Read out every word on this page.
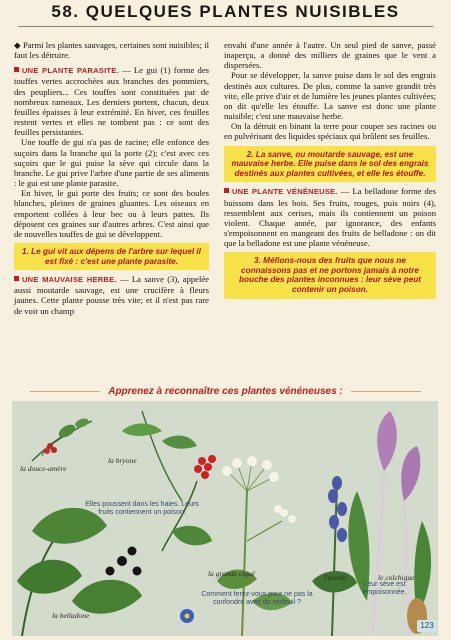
58. QUELQUES PLANTES NUISIBLES

◆ Parmi les plantes sauvages, certaines sont nuisibles; il faut les détruire.

UNE PLANTE PARASITE. — Le gui (1) forme des touffes vertes accrochées aux branches des pommiers, des peupliers... Ces touffes sont constituées par de nombreux rameaux. Les derniers portent, chacun, deux feuilles épaisses à leur extrémité. En hiver, ces feuilles restent vertes et elles ne tombent pas : ce sont des feuilles persistantes.

Une touffe de gui n'a pas de racine; elle enfonce des suçoirs dans la branche qui la porte (2); c'est avec ces suçoirs que le gui puise la sève qui circule dans la branche. Le gui prive l'arbre d'une partie de ses aliments : le gui est une plante parasite.

En hiver, le gui porte des fruits; ce sont des boules blanches, pleines de graines gluantes. Les oiseaux en emportent collées à leur bec ou à leurs pattes. Ils déposent ces graines sur d'autres arbres. C'est ainsi que de nouvelles touffes de gui se développent.

1. Le gui vit aux dépens de l'arbre sur lequel il est fixé : c'est une plante parasite.

UNE MAUVAISE HERBE. — La sanve (3), appelée aussi moutarde sauvage, est une crucifère à fleurs jaunes. Cette plante pousse très vite; et il n'est pas rare de voir un champ

envahi d'une année à l'autre. Un seul pied de sanve, passé inaperçu, a donné des milliers de graines que le vent a dispersées.

Pour se développer, la sanve puise dans le sol des engrais destinés aux cultures. De plus, comme la sanve grandit très vite, elle prive d'air et de lumière les jeunes plantes cultivées; on dit qu'elle les étouffe. La sanve est donc une plante nuisible; c'est une mauvaise herbe.

On la détruit en binant la terre pour couper ses racines ou en pulvérisant des liquides spéciaux qui brûlent ses feuilles.

2. La sanve, ou moutarde sauvage, est une mauvaise herbe. Elle puise dans le sol des engrais destinés aux plantes cultivées, et elle les étouffe.

UNE PLANTE VÉNÉNEUSE. — La belladone forme des buissons dans les bois. Ses fruits, rouges, puis noirs (4), ressemblent aux cerises, mais ils contiennent un poison violent. Chaque année, par ignorance, des enfants s'empoisonnent en mangeant des fruits de belladone : on dit que la belladone est une plante vénéneuse.

3. Méfions-nous des fruits que nous ne connaissons pas et ne portons jamais à notre bouche des plantes inconnues : leur sève peut contenir un poison.
Apprenez à reconnaître ces plantes vénéneuses :
la douce-amère
la bryone
la belladone
la grande ciguë	l'aconit	le colchique
Elles poussent dans les haies. Leurs fruits contiennent un poison.
Comment ferez-vous pour ne pas la confondre avec du cerfeuil ?
Leur sève est empoisonnée.
123
